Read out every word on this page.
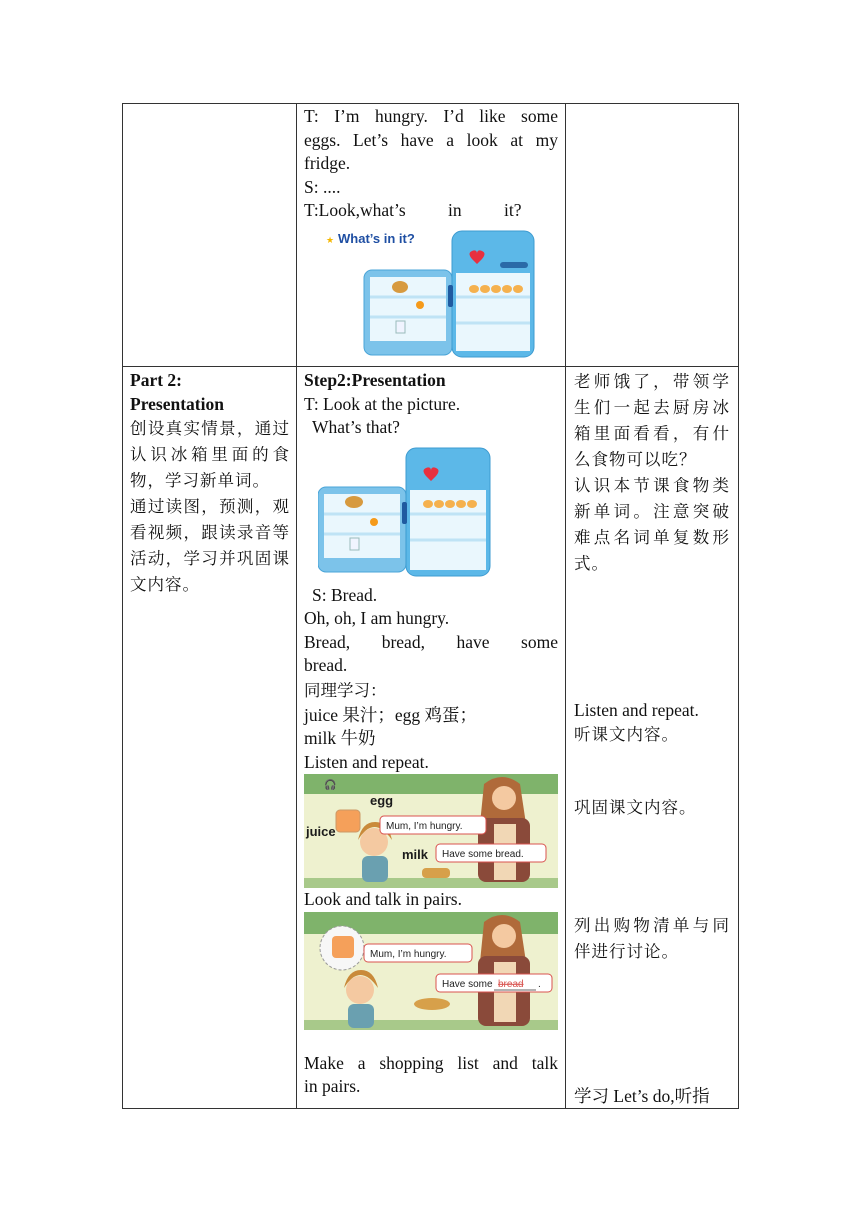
T: I’m hungry. I’d like some
eggs. Let’s have a look at my
fridge.
S: ....
T:Look,what’s in it?
★ What’s in it?
Part 2:
Presentation
创设真实情景，通过认识冰箱里面的食物，学习新单词。
通过读图，预测，观看视频，跟读录音等活动，学习并巩固课文内容。
Step2:Presentation
T: Look at the picture.
What’s that?
S: Bread.
Oh, oh, I am hungry.
Bread, bread, have some
bread.
同理学习：
juice 果汁；egg 鸡蛋；
milk 牛奶
Listen and repeat.
🎧
egg
juice
milk
Mum, I’m hungry.
Have some bread.
Look and talk in pairs.
Mum, I’m hungry.
Have some bread .
Make a shopping list and talk
in pairs.
老师饿了，带领学生们一起去厨房冰箱里面看看，有什么食物可以吃？
认识本节课食物类新单词。注意突破难点名词单复数形式。
Listen and repeat.
听课文内容。
巩固课文内容。
列出购物清单与同伴进行讨论。
学习 Let’s do,听指
